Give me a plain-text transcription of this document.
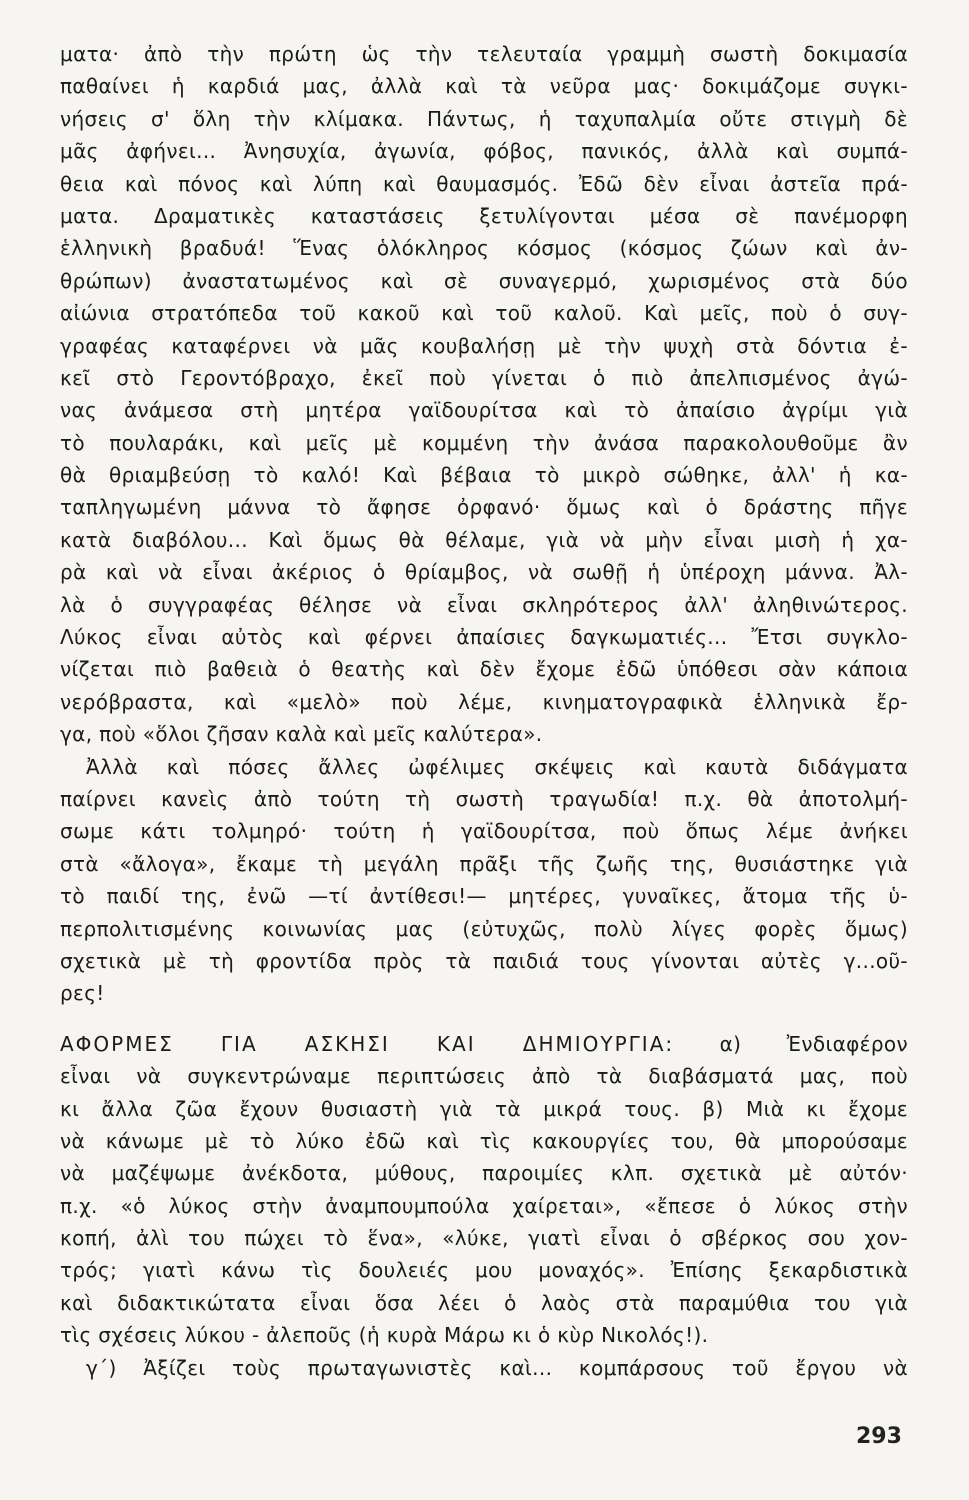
ματα· ἀπὸ τὴν πρώτη ὡς τὴν τελευταία γραμμὴ σωστὴ δοκιμασία
παθαίνει ἡ καρδιά μας, ἀλλὰ καὶ τὰ νεῦρα μας· δοκιμάζομε συγκι-
νήσεις σ' ὅλη τὴν κλίμακα. Πάντως, ἡ ταχυπαλμία οὔτε στιγμὴ δὲ
μᾶς ἀφήνει... Ἀνησυχία, ἀγωνία, φόβος, πανικός, ἀλλὰ καὶ συμπά-
θεια καὶ πόνος καὶ λύπη καὶ θαυμασμός. Ἐδῶ δὲν εἶναι ἀστεῖα πρά-
ματα. Δραματικὲς καταστάσεις ξετυλίγονται μέσα σὲ πανέμορφη
ἑλληνικὴ βραδυά! Ἕνας ὁλόκληρος κόσμος (κόσμος ζώων καὶ ἀν-
θρώπων) ἀναστατωμένος καὶ σὲ συναγερμό, χωρισμένος στὰ δύο
αἰώνια στρατόπεδα τοῦ κακοῦ καὶ τοῦ καλοῦ. Καὶ μεῖς, ποὺ ὁ συγ-
γραφέας καταφέρνει νὰ μᾶς κουβαλήσῃ μὲ τὴν ψυχὴ στὰ δόντια ἐ-
κεῖ στὸ Γεροντόβραχο, ἐκεῖ ποὺ γίνεται ὁ πιὸ ἀπελπισμένος ἀγώ-
νας ἀνάμεσα στὴ μητέρα γαϊδουρίτσα καὶ τὸ ἀπαίσιο ἀγρίμι γιὰ
τὸ πουλαράκι, καὶ μεῖς μὲ κομμένη τὴν ἀνάσα παρακολουθοῦμε ἂν
θὰ θριαμβεύσῃ τὸ καλό! Καὶ βέβαια τὸ μικρὸ σώθηκε, ἀλλ' ἡ κα-
ταπληγωμένη μάννα τὸ ἄφησε ὀρφανό· ὅμως καὶ ὁ δράστης πῆγε
κατὰ διαβόλου... Καὶ ὅμως θὰ θέλαμε, γιὰ νὰ μὴν εἶναι μισὴ ἡ χα-
ρὰ καὶ νὰ εἶναι ἀκέριος ὁ θρίαμβος, νὰ σωθῇ ἡ ὑπέροχη μάννα. Ἀλ-
λὰ ὁ συγγραφέας θέλησε νὰ εἶναι σκληρότερος ἀλλ' ἀληθινώτερος.
Λύκος εἶναι αὐτὸς καὶ φέρνει ἀπαίσιες δαγκωματιές... Ἔτσι συγκλο-
νίζεται πιὸ βαθειὰ ὁ θεατὴς καὶ δὲν ἔχομε ἐδῶ ὑπόθεσι σὰν κάποια
νερόβραστα, καὶ «μελὸ» ποὺ λέμε, κινηματογραφικὰ ἑλληνικὰ ἔρ-
γα, ποὺ «ὅλοι ζῆσαν καλὰ καὶ μεῖς καλύτερα».
Ἀλλὰ καὶ πόσες ἄλλες ὠφέλιμες σκέψεις καὶ καυτὰ διδάγματα
παίρνει κανεὶς ἀπὸ τούτη τὴ σωστὴ τραγωδία! π.χ. θὰ ἀποτολμή-
σωμε κάτι τολμηρό· τούτη ἡ γαϊδουρίτσα, ποὺ ὅπως λέμε ἀνήκει
στὰ «ἄλογα», ἔκαμε τὴ μεγάλη πρᾶξι τῆς ζωῆς της, θυσιάστηκε γιὰ
τὸ παιδί της, ἐνῶ —τί ἀντίθεσι!— μητέρες, γυναῖκες, ἄτομα τῆς ὑ-
περπολιτισμένης κοινωνίας μας (εὐτυχῶς, πολὺ λίγες φορὲς ὅμως)
σχετικὰ μὲ τὴ φροντίδα πρὸς τὰ παιδιά τους γίνονται αὐτὲς γ...οῦ-
ρες!
ΑΦΟΡΜΕΣ ΓΙΑ ΑΣΚΗΣΙ ΚΑΙ ΔΗΜΙΟΥΡΓΙΑ: α) Ἐνδιαφέρον
εἶναι νὰ συγκεντρώναμε περιπτώσεις ἀπὸ τὰ διαβάσματά μας, ποὺ
κι ἄλλα ζῶα ἔχουν θυσιαστὴ γιὰ τὰ μικρά τους. β) Μιὰ κι ἔχομε
νὰ κάνωμε μὲ τὸ λύκο ἐδῶ καὶ τὶς κακουργίες του, θὰ μπορούσαμε
νὰ μαζέψωμε ἀνέκδοτα, μύθους, παροιμίες κλπ. σχετικὰ μὲ αὐτόν·
π.χ. «ὁ λύκος στὴν ἀναμπουμπούλα χαίρεται», «ἔπεσε ὁ λύκος στὴν
κοπή, ἀλὶ του πώχει τὸ ἕνα», «λύκε, γιατὶ εἶναι ὁ σβέρκος σου χον-
τρός; γιατὶ κάνω τὶς δουλειές μου μοναχός». Ἐπίσης ξεκαρδιστικὰ
καὶ διδακτικώτατα εἶναι ὅσα λέει ὁ λαὸς στὰ παραμύθια του γιὰ
τὶς σχέσεις λύκου - ἀλεποῦς (ἡ κυρὰ Μάρω κι ὁ κὺρ Νικολός!).
γ΄) Ἀξίζει τοὺς πρωταγωνιστὲς καὶ... κομπάρσους τοῦ ἔργου νὰ
293
